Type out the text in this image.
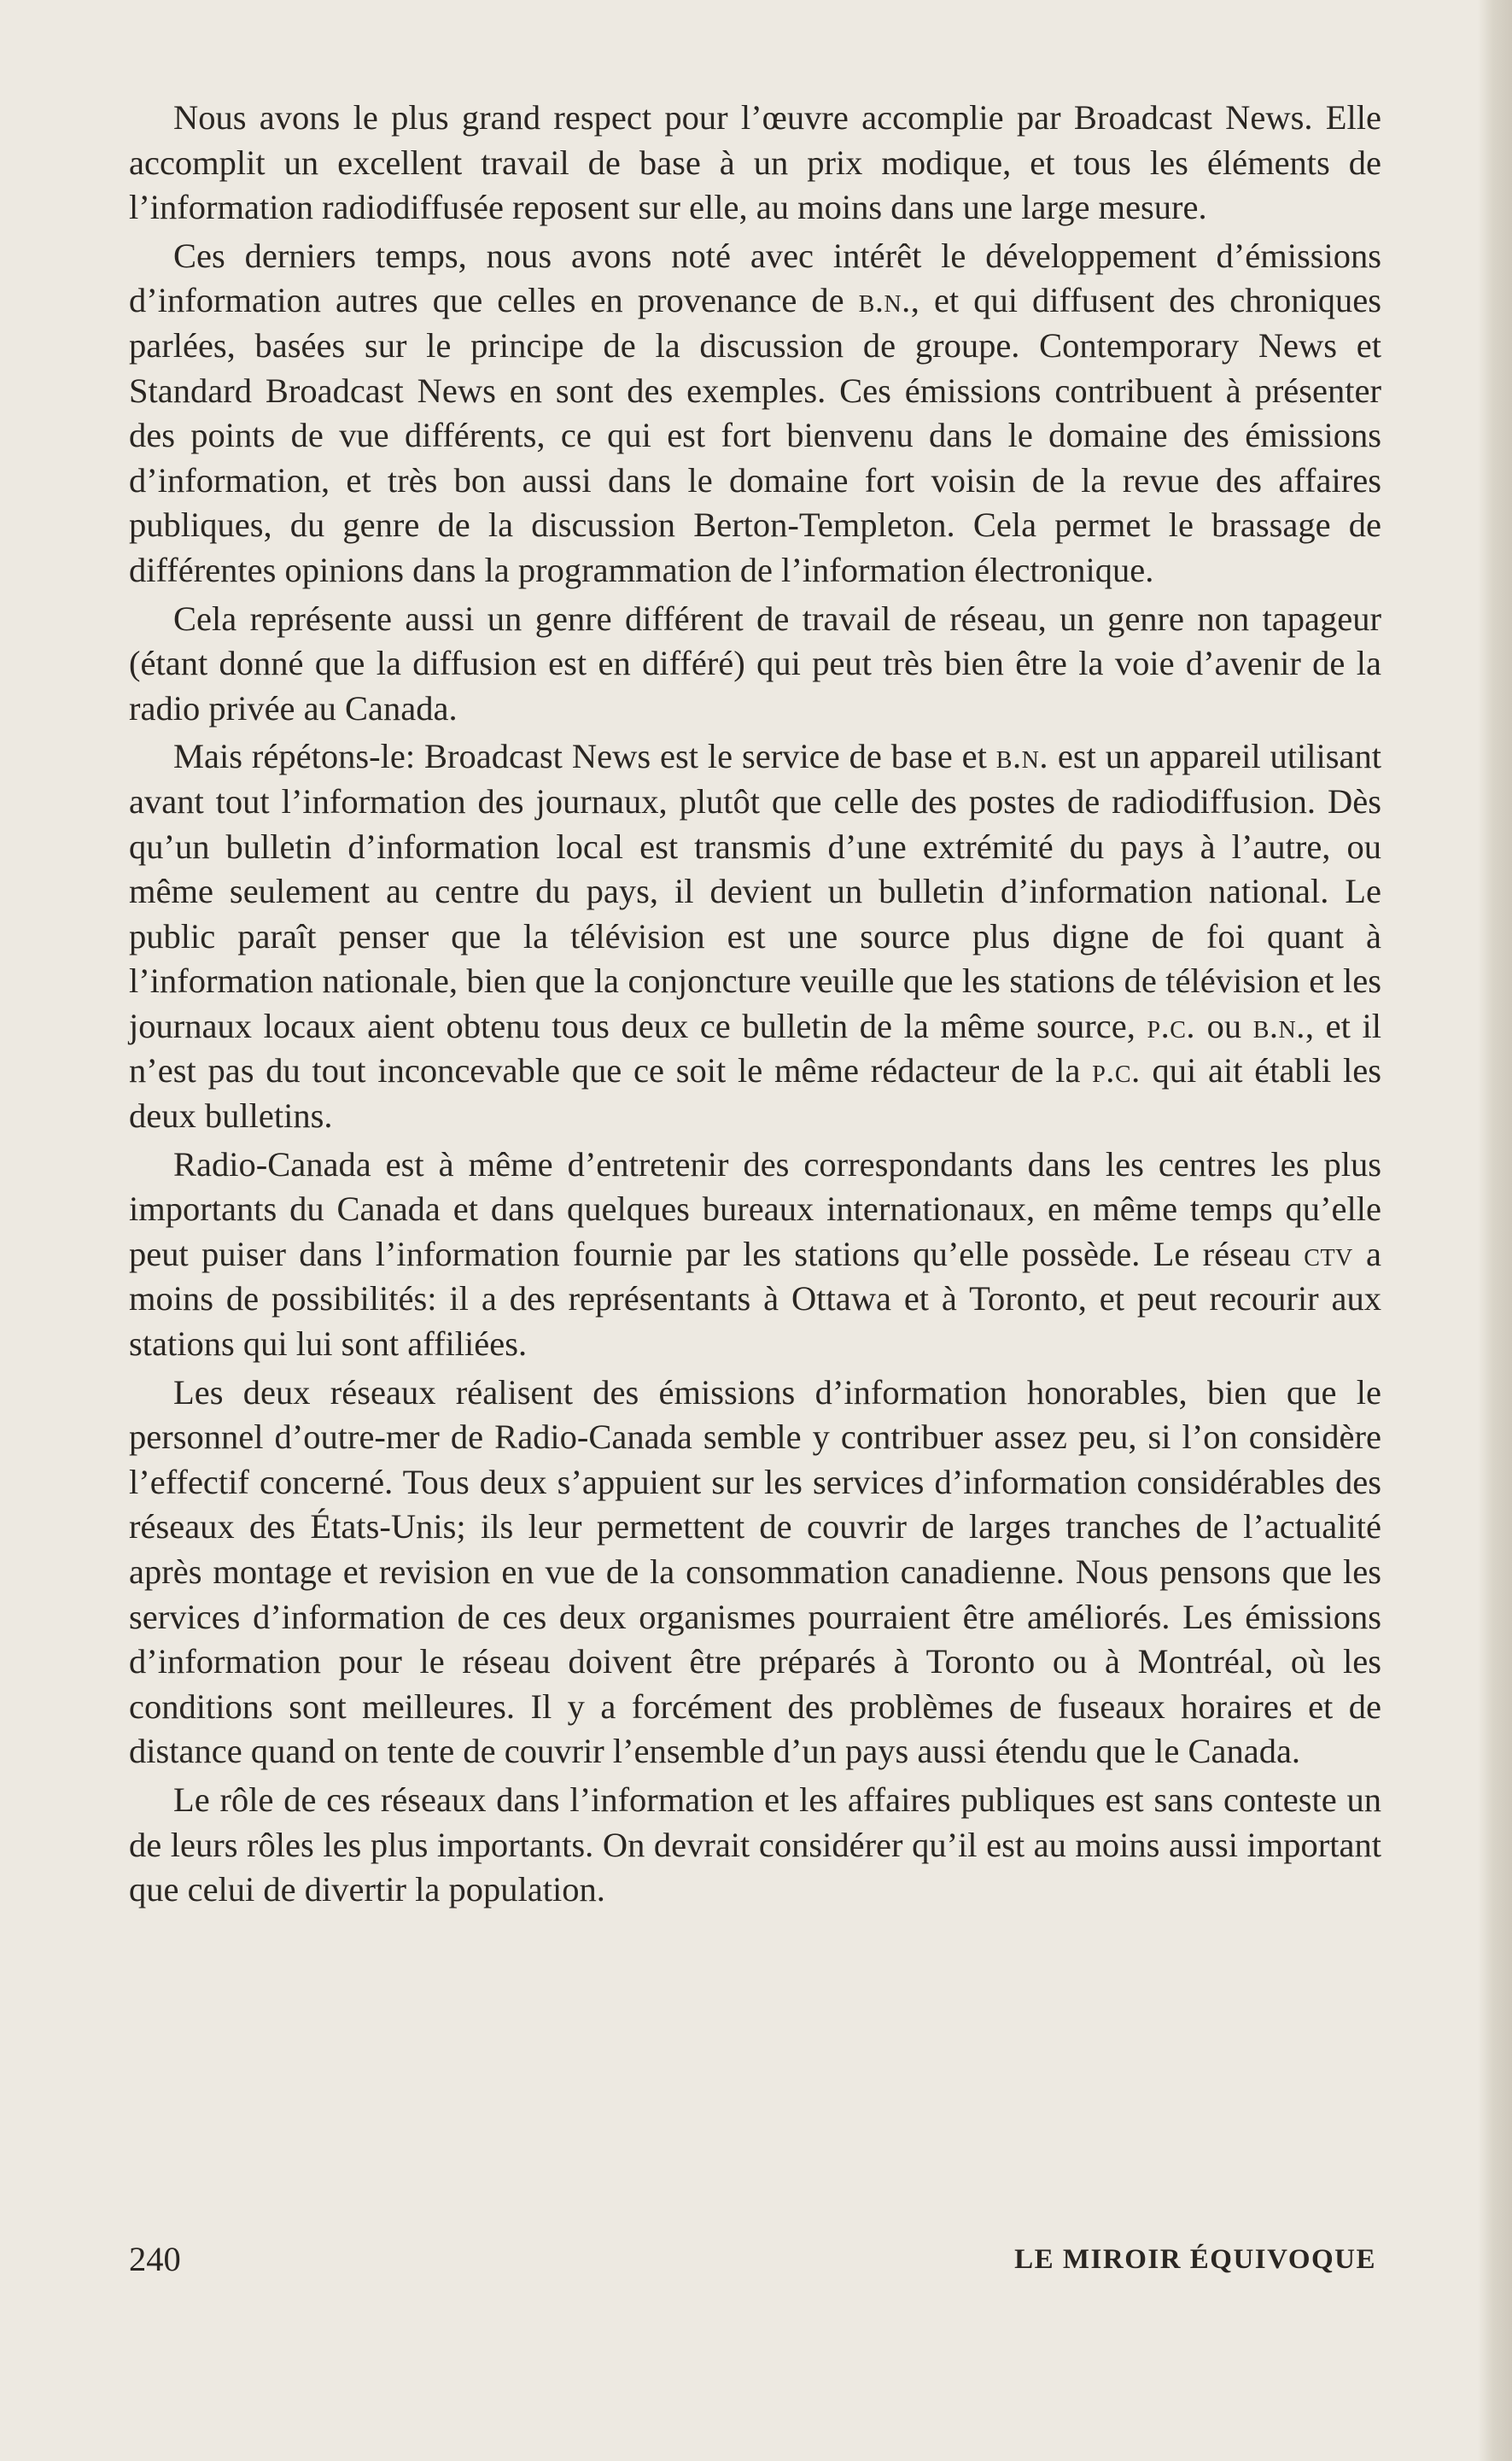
Nous avons le plus grand respect pour l’œuvre accomplie par Broadcast News. Elle accomplit un excellent travail de base à un prix modique, et tous les éléments de l’information radiodiffusée reposent sur elle, au moins dans une large mesure.

Ces derniers temps, nous avons noté avec intérêt le développement d’émissions d’information autres que celles en provenance de b.n., et qui diffusent des chroniques parlées, basées sur le principe de la discussion de groupe. Contemporary News et Standard Broadcast News en sont des exemples. Ces émissions contribuent à présenter des points de vue différents, ce qui est fort bienvenu dans le domaine des émissions d’information, et très bon aussi dans le domaine fort voisin de la revue des affaires publiques, du genre de la discussion Berton-Templeton. Cela permet le brassage de différentes opinions dans la programmation de l’information électronique.

Cela représente aussi un genre différent de travail de réseau, un genre non tapageur (étant donné que la diffusion est en différé) qui peut très bien être la voie d’avenir de la radio privée au Canada.

Mais répétons-le: Broadcast News est le service de base et b.n. est un appareil utilisant avant tout l’information des journaux, plutôt que celle des postes de radiodiffusion. Dès qu’un bulletin d’information local est transmis d’une extrémité du pays à l’autre, ou même seulement au centre du pays, il devient un bulletin d’information national. Le public paraît penser que la télévision est une source plus digne de foi quant à l’information nationale, bien que la conjoncture veuille que les stations de télévision et les journaux locaux aient obtenu tous deux ce bulletin de la même source, p.c. ou b.n., et il n’est pas du tout inconcevable que ce soit le même rédacteur de la p.c. qui ait établi les deux bulletins.

Radio-Canada est à même d’entretenir des correspondants dans les centres les plus importants du Canada et dans quelques bureaux internationaux, en même temps qu’elle peut puiser dans l’information fournie par les stations qu’elle possède. Le réseau ctv a moins de possibilités: il a des représentants à Ottawa et à Toronto, et peut recourir aux stations qui lui sont affiliées.

Les deux réseaux réalisent des émissions d’information honorables, bien que le personnel d’outre-mer de Radio-Canada semble y contribuer assez peu, si l’on considère l’effectif concerné. Tous deux s’appuient sur les services d’information considérables des réseaux des États-Unis; ils leur permettent de couvrir de larges tranches de l’actualité après montage et revision en vue de la consommation canadienne. Nous pensons que les services d’information de ces deux organismes pourraient être améliorés. Les émissions d’information pour le réseau doivent être préparés à Toronto ou à Montréal, où les conditions sont meilleures. Il y a forcément des problèmes de fuseaux horaires et de distance quand on tente de couvrir l’ensemble d’un pays aussi étendu que le Canada.

Le rôle de ces réseaux dans l’information et les affaires publiques est sans conteste un de leurs rôles les plus importants. On devrait considérer qu’il est au moins aussi important que celui de divertir la population.

240	LE MIROIR ÉQUIVOQUE
